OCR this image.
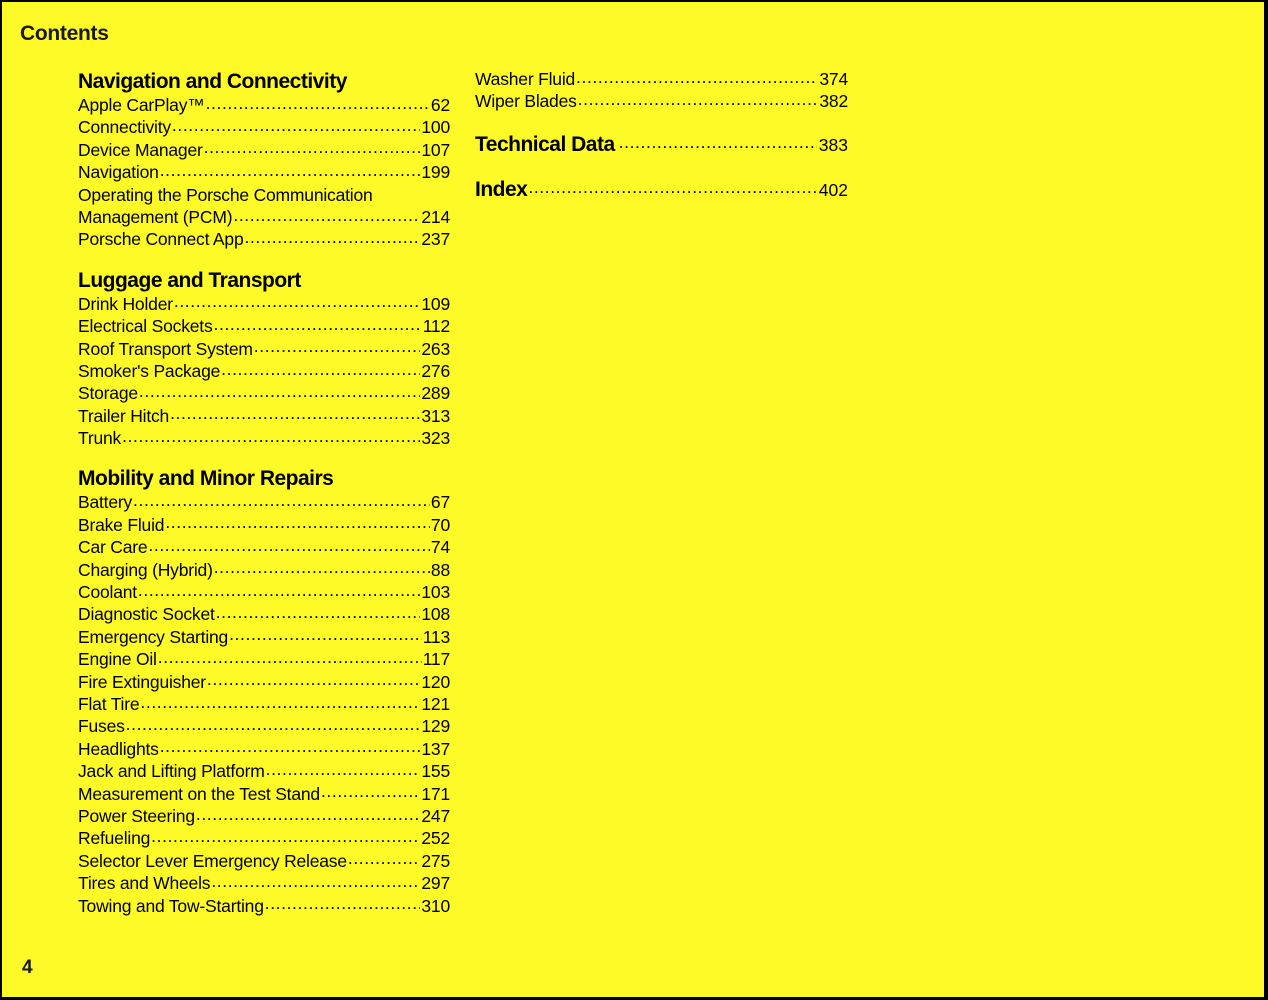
Contents
Navigation and Connectivity
Apple CarPlay™ .....	62
Connectivity .....	100
Device Manager .....	107
Navigation .....	199
Operating the Porsche Communication
Management (PCM) .....	214
Porsche Connect App .....	237
Luggage and Transport
Drink Holder .....	109
Electrical Sockets .....	112
Roof Transport System .....	263
Smoker's Package .....	276
Storage .....	289
Trailer Hitch .....	313
Trunk .....	323
Mobility and Minor Repairs
Battery .....	67
Brake Fluid .....	70
Car Care .....	74
Charging (Hybrid) .....	88
Coolant .....	103
Diagnostic Socket .....	108
Emergency Starting .....	113
Engine Oil .....	117
Fire Extinguisher .....	120
Flat Tire .....	121
Fuses .....	129
Headlights .....	137
Jack and Lifting Platform .....	155
Measurement on the Test Stand .....	171
Power Steering .....	247
Refueling .....	252
Selector Lever Emergency Release .....	275
Tires and Wheels .....	297
Towing and Tow-Starting .....	310
Washer Fluid .....	374
Wiper Blades .....	382
Technical Data .....	383
Index .....	402
4
